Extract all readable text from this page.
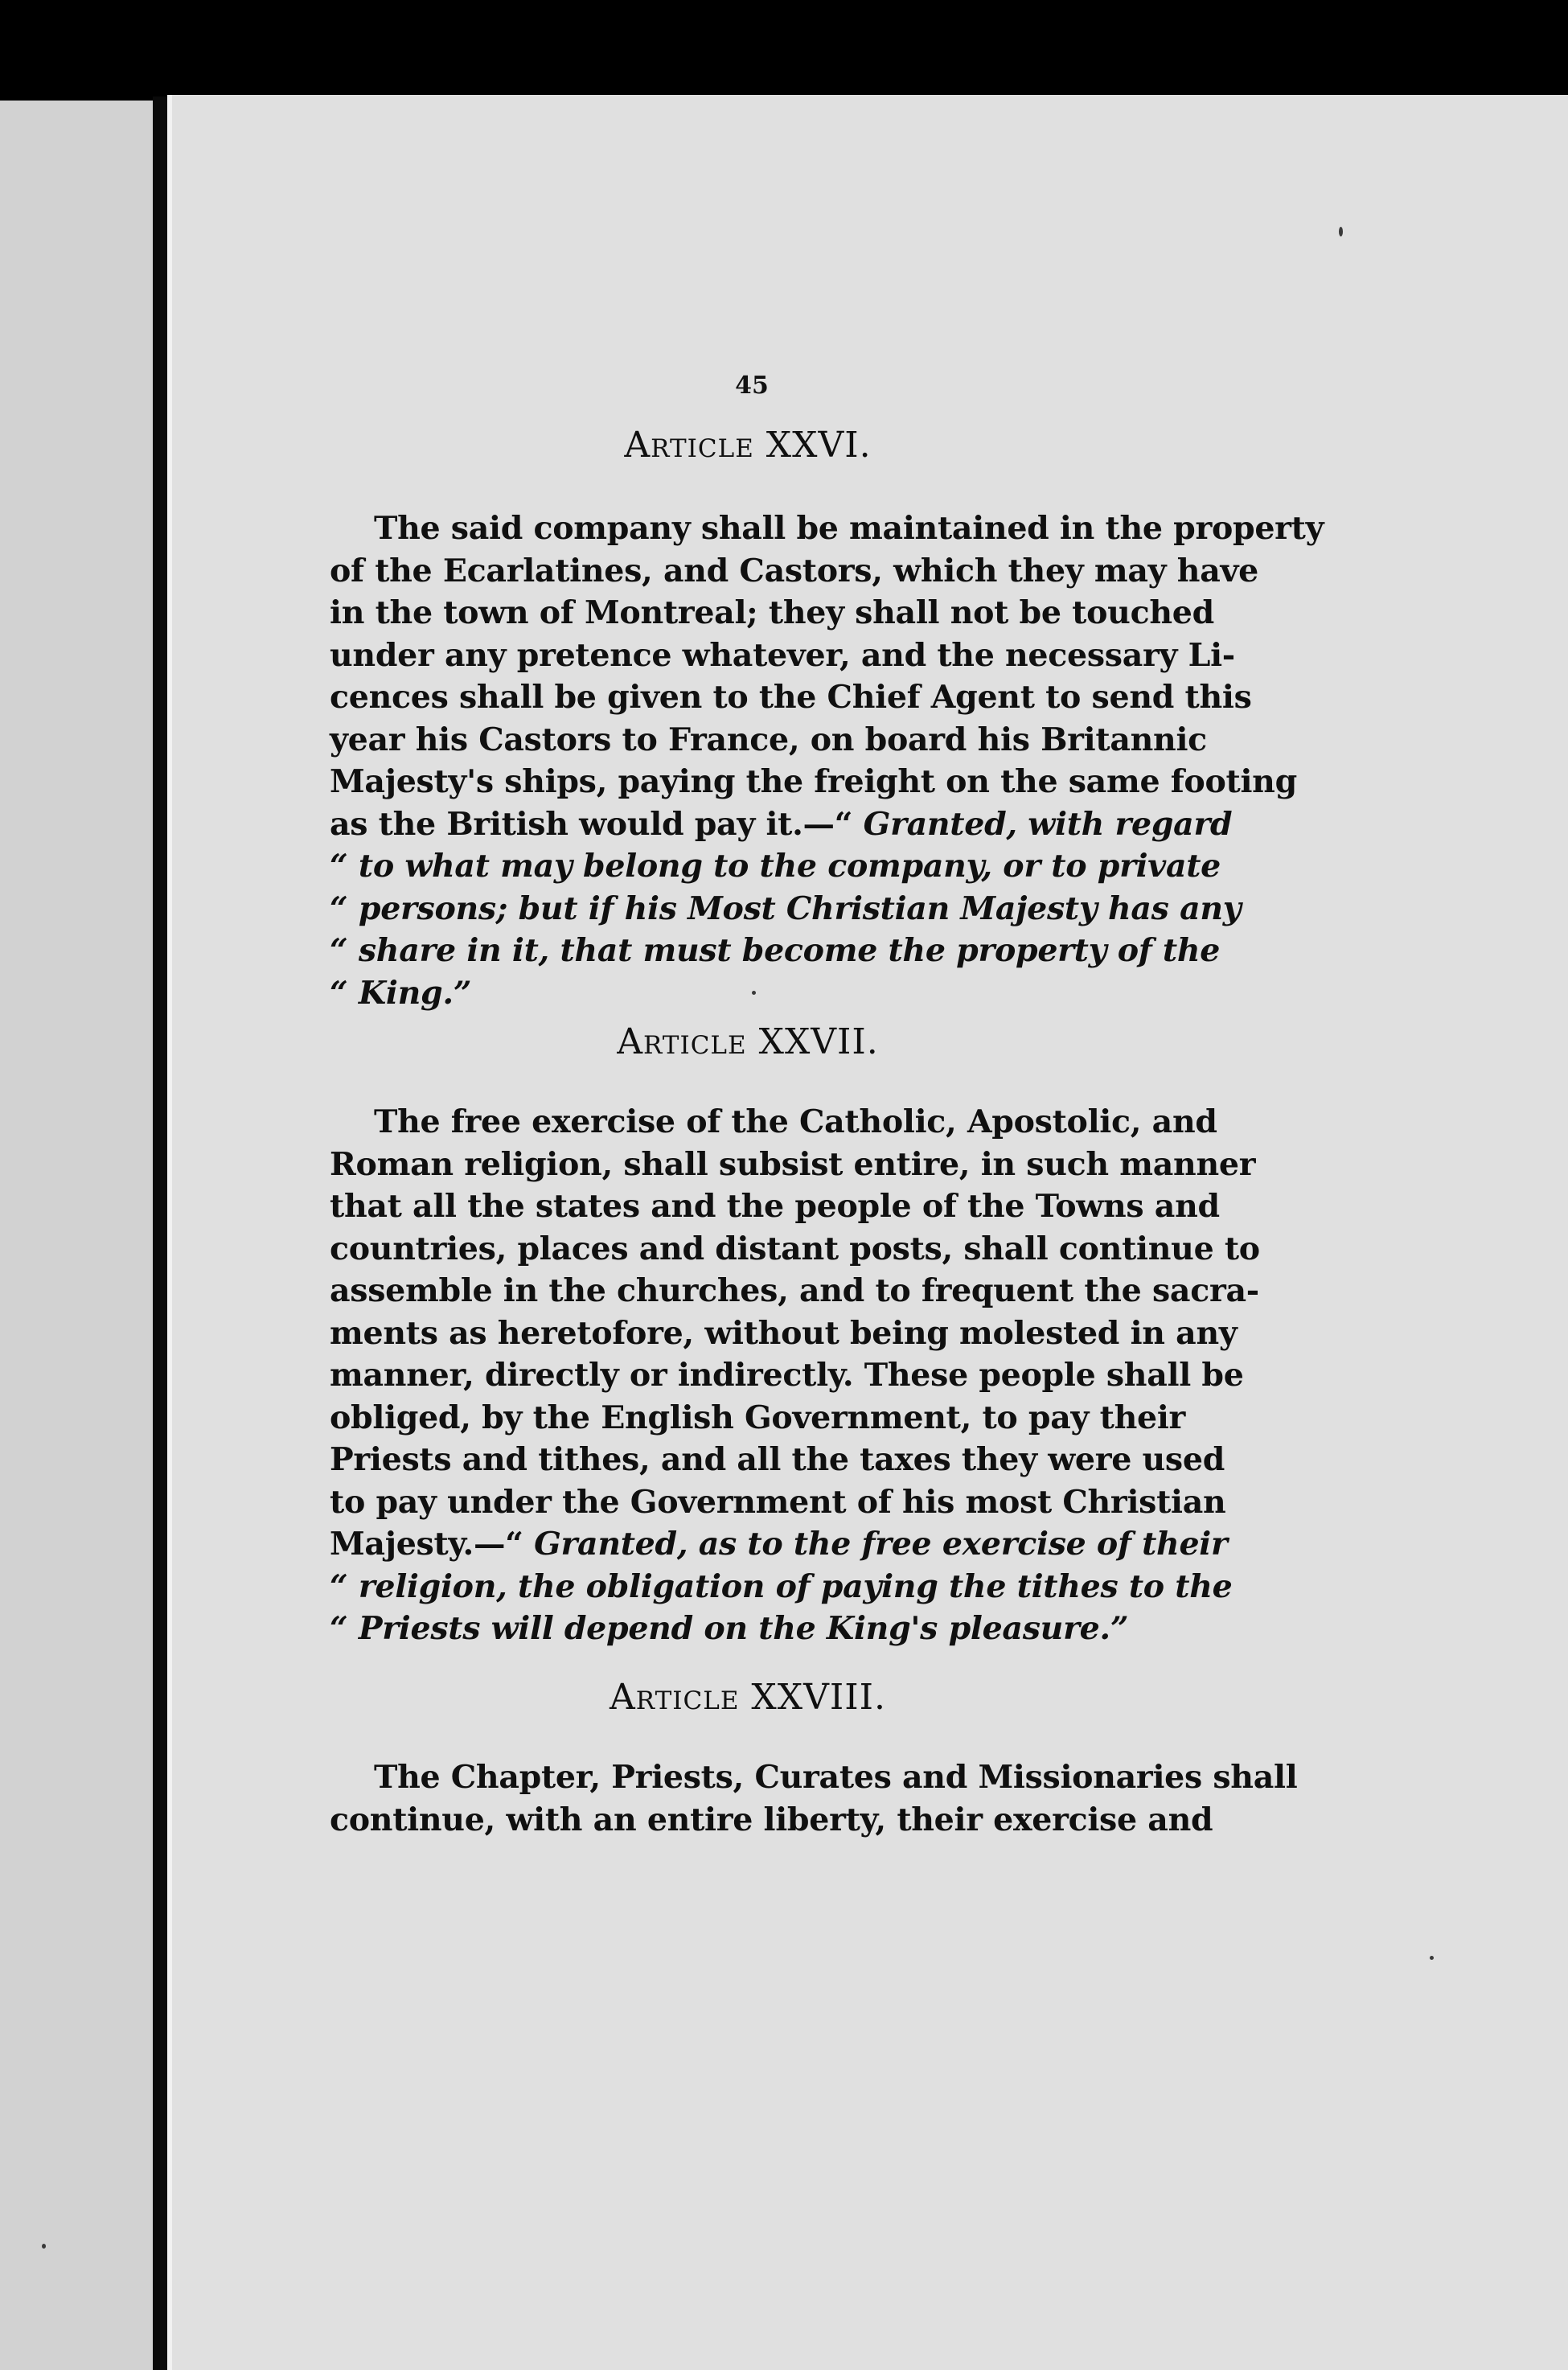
45
Article XXVI.
The said company shall be maintained in the property
of the Ecarlatines, and Castors, which they may have
in the town of Montreal; they shall not be touched
under any pretence whatever, and the necessary Li-
cences shall be given to the Chief Agent to send this
year his Castors to France, on board his Britannic
Majesty's ships, paying the freight on the same footing
as the British would pay it.—“ Granted, with regard
“ to what may belong to the company, or to private
“ persons; but if his Most Christian Majesty has any
“ share in it, that must become the property of the
“ King.”
Article XXVII.
The free exercise of the Catholic, Apostolic, and
Roman religion, shall subsist entire, in such manner
that all the states and the people of the Towns and
countries, places and distant posts, shall continue to
assemble in the churches, and to frequent the sacra-
ments as heretofore, without being molested in any
manner, directly or indirectly. These people shall be
obliged, by the English Government, to pay their
Priests and tithes, and all the taxes they were used
to pay under the Government of his most Christian
Majesty.—“ Granted, as to the free exercise of their
“ religion, the obligation of paying the tithes to the
“ Priests will depend on the King's pleasure.”
Article XXVIII.
The Chapter, Priests, Curates and Missionaries shall
continue, with an entire liberty, their exercise and
